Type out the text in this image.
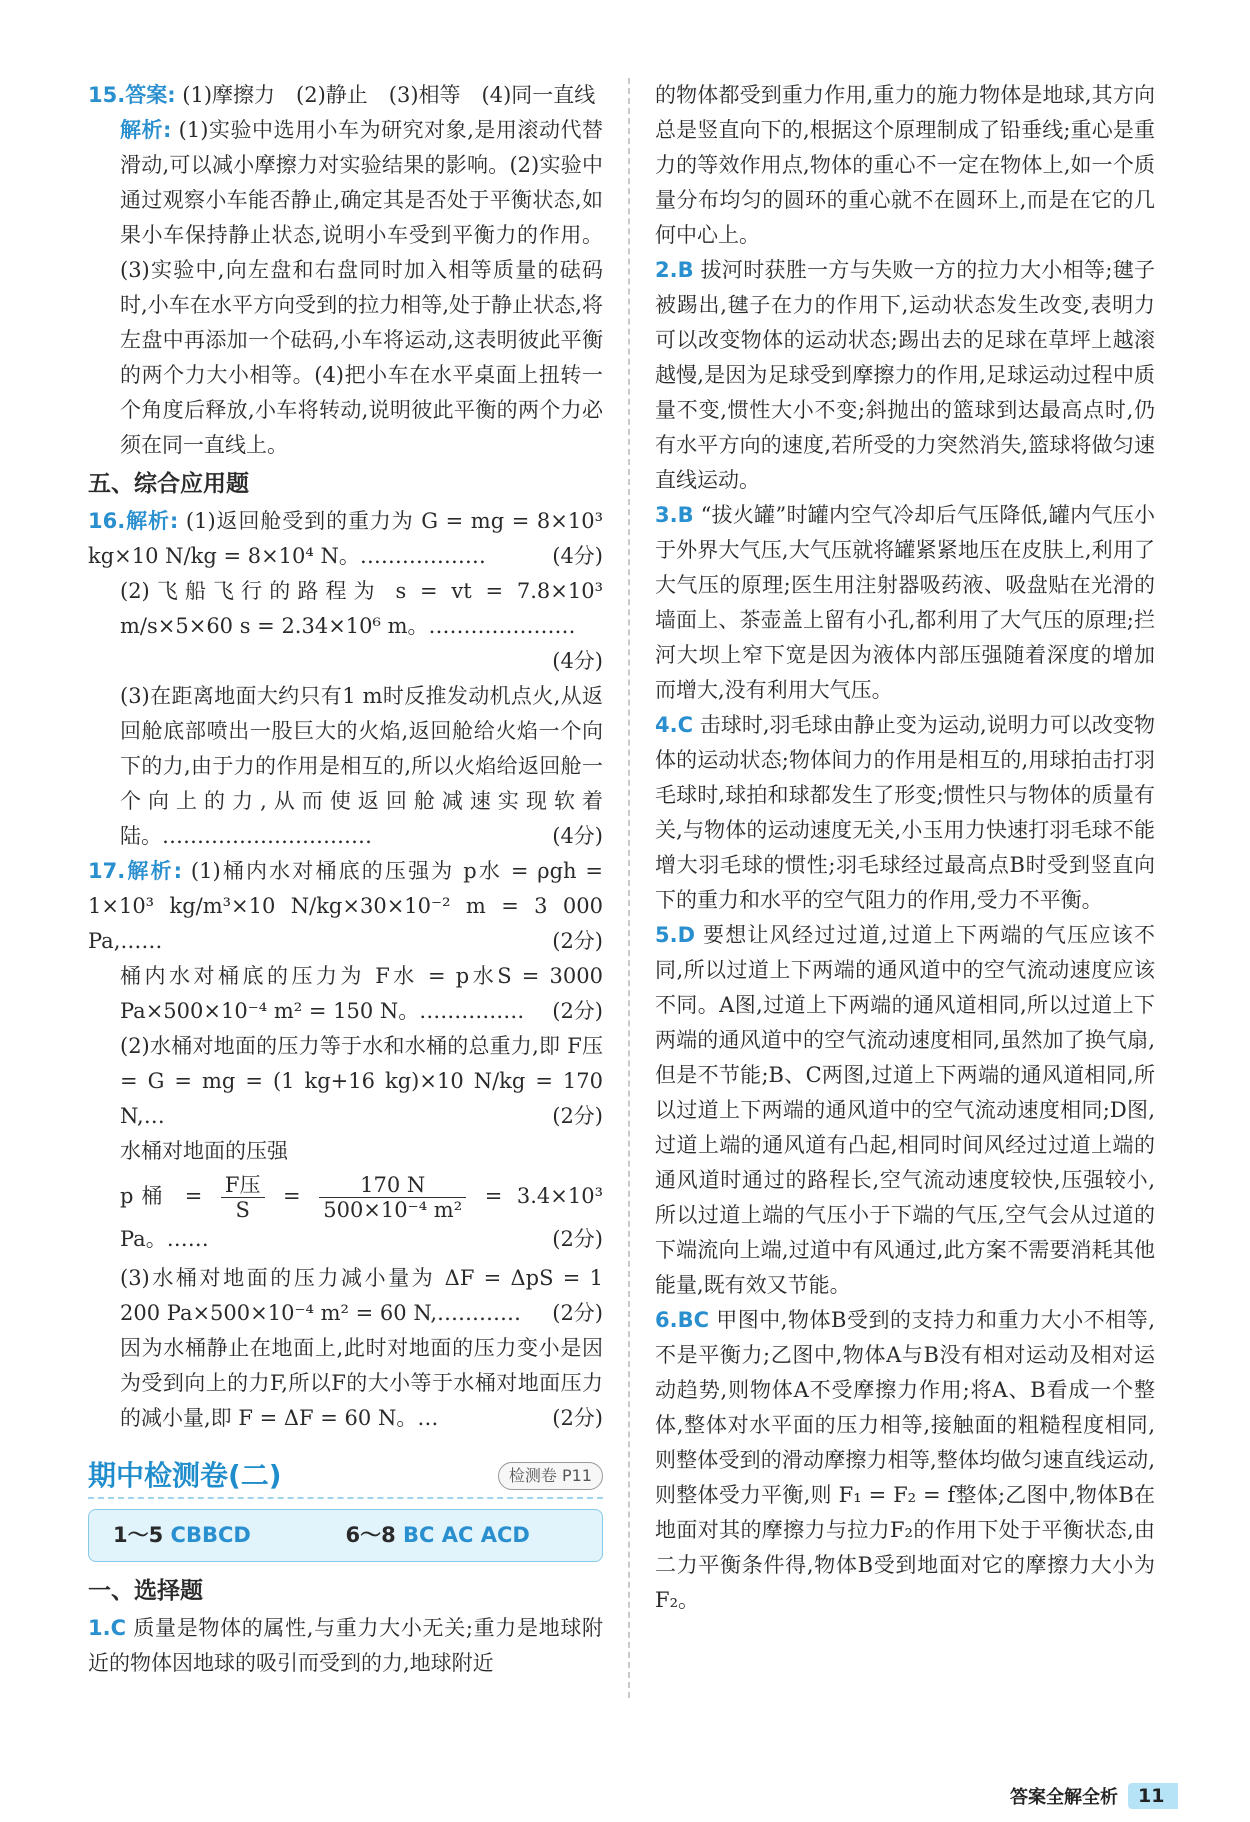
15.答案: (1)摩擦力　(2)静止　(3)相等　(4)同一直线

解析: (1)实验中选用小车为研究对象,是用滚动代替滑动,可以减小摩擦力对实验结果的影响。(2)实验中通过观察小车能否静止,确定其是否处于平衡状态,如果小车保持静止状态,说明小车受到平衡力的作用。(3)实验中,向左盘和右盘同时加入相等质量的砝码时,小车在水平方向受到的拉力相等,处于静止状态,将左盘中再添加一个砝码,小车将运动,这表明彼此平衡的两个力大小相等。(4)把小车在水平桌面上扭转一个角度后释放,小车将转动,说明彼此平衡的两个力必须在同一直线上。

五、综合应用题

16.解析: (1)返回舱受到的重力为 G = mg = 8×10³ kg×10 N/kg = 8×10⁴ N。………………	(4分)

(2)飞船飞行的路程为 s = vt = 7.8×10³ m/s×5×60 s = 2.34×10⁶ m。…………………
(4分)

(3)在距离地面大约只有1 m时反推发动机点火,从返回舱底部喷出一股巨大的火焰,返回舱给火焰一个向下的力,由于力的作用是相互的,所以火焰给返回舱一个向上的力,从而使返回舱减速实现软着陆。…………………………	(4分)

17.解析: (1)桶内水对桶底的压强为 p水 = ρgh = 1×10³ kg/m³×10 N/kg×30×10⁻² m = 3 000 Pa,……	(2分)

桶内水对桶底的压力为 F水 = p水S = 3000 Pa×500×10⁻⁴ m² = 150 N。…………… (2分)

(2)水桶对地面的压力等于水和水桶的总重力,即 F压 = G = mg = (1 kg+16 kg)×10 N/kg = 170 N,…	(2分)

水桶对地面的压强

p桶 = $\frac{\text{F压}}{S} = \frac{170 N}{\text{500×10⁻⁴ m²}} = 3.4\times 10^3$ Pa。……	(2分)

(3)水桶对地面的压力减小量为 ΔF = ΔpS = 1 200 Pa×500×10⁻⁴ m² = 60 N,………… (2分)

因为水桶静止在地面上,此时对地面的压力变小是因为受到向上的力F,所以F的大小等于水桶对地面压力的减小量,即 F = ΔF = 60 N。…	(2分)

期中检测卷(二)	检测卷 P11
1～5 CBBCD	6～8 BC AC ACD
一、选择题

1.C 质量是物体的属性,与重力大小无关;重力是地球附近的物体因地球的吸引而受到的力,地球附近

的物体都受到重力作用,重力的施力物体是地球,其方向总是竖直向下的,根据这个原理制成了铅垂线;重心是重力的等效作用点,物体的重心不一定在物体上,如一个质量分布均匀的圆环的重心就不在圆环上,而是在它的几何中心上。

2.B 拔河时获胜一方与失败一方的拉力大小相等;毽子被踢出,毽子在力的作用下,运动状态发生改变,表明力可以改变物体的运动状态;踢出去的足球在草坪上越滚越慢,是因为足球受到摩擦力的作用,足球运动过程中质量不变,惯性大小不变;斜抛出的篮球到达最高点时,仍有水平方向的速度,若所受的力突然消失,篮球将做匀速直线运动。

3.B “拔火罐”时罐内空气冷却后气压降低,罐内气压小于外界大气压,大气压就将罐紧紧地压在皮肤上,利用了大气压的原理;医生用注射器吸药液、吸盘贴在光滑的墙面上、茶壶盖上留有小孔,都利用了大气压的原理;拦河大坝上窄下宽是因为液体内部压强随着深度的增加而增大,没有利用大气压。

4.C 击球时,羽毛球由静止变为运动,说明力可以改变物体的运动状态;物体间力的作用是相互的,用球拍击打羽毛球时,球拍和球都发生了形变;惯性只与物体的质量有关,与物体的运动速度无关,小玉用力快速打羽毛球不能增大羽毛球的惯性;羽毛球经过最高点B时受到竖直向下的重力和水平的空气阻力的作用,受力不平衡。

5.D 要想让风经过过道,过道上下两端的气压应该不同,所以过道上下两端的通风道中的空气流动速度应该不同。A图,过道上下两端的通风道相同,所以过道上下两端的通风道中的空气流动速度相同,虽然加了换气扇,但是不节能;B、C两图,过道上下两端的通风道相同,所以过道上下两端的通风道中的空气流动速度相同;D图,过道上端的通风道有凸起,相同时间风经过过道上端的通风道时通过的路程长,空气流动速度较快,压强较小,所以过道上端的气压小于下端的气压,空气会从过道的下端流向上端,过道中有风通过,此方案不需要消耗其他能量,既有效又节能。

6.BC 甲图中,物体B受到的支持力和重力大小不相等,不是平衡力;乙图中,物体A与B没有相对运动及相对运动趋势,则物体A不受摩擦力作用;将A、B看成一个整体,整体对水平面的压力相等,接触面的粗糙程度相同,则整体受到的滑动摩擦力相等,整体均做匀速直线运动,则整体受力平衡,则 F₁ = F₂ = f整体;乙图中,物体B在地面对其的摩擦力与拉力F₂的作用下处于平衡状态,由二力平衡条件得,物体B受到地面对它的摩擦力大小为F₂。

答案全解全析	11
